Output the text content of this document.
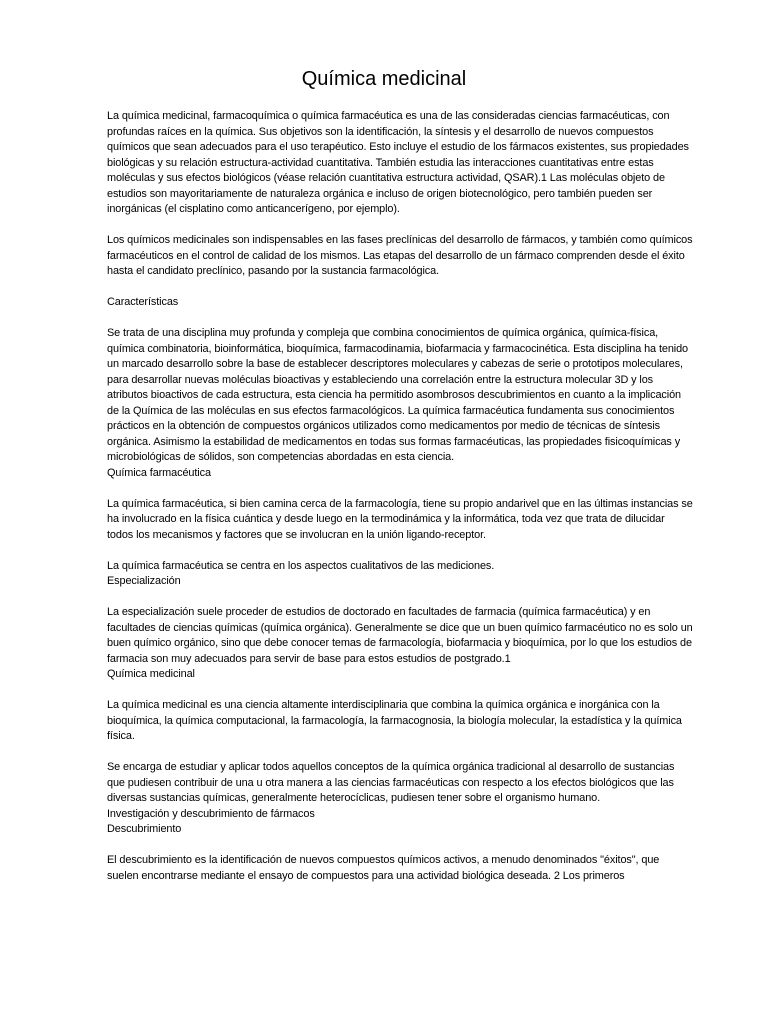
Química medicinal

La química medicinal, farmacoquímica o química farmacéutica es una de las consideradas ciencias farmacéuticas, con profundas raíces en la química. Sus objetivos son la identificación, la síntesis y el desarrollo de nuevos compuestos químicos que sean adecuados para el uso terapéutico. Esto incluye el estudio de los fármacos existentes, sus propiedades biológicas y su relación estructura-actividad cuantitativa. También estudia las interacciones cuantitativas entre estas moléculas y sus efectos biológicos (véase relación cuantitativa estructura actividad, QSAR).1 Las moléculas objeto de estudios son mayoritariamente de naturaleza orgánica e incluso de origen biotecnológico, pero también pueden ser inorgánicas (el cisplatino como anticancerígeno, por ejemplo).

Los químicos medicinales son indispensables en las fases preclínicas del desarrollo de fármacos, y también como químicos farmacéuticos en el control de calidad de los mismos. Las etapas del desarrollo de un fármaco comprenden desde el éxito hasta el candidato preclínico, pasando por la sustancia farmacológica.

Características

Se trata de una disciplina muy profunda y compleja que combina conocimientos de química orgánica, química-física, química combinatoria, bioinformática, bioquímica, farmacodinamia, biofarmacia y farmacocinética. Esta disciplina ha tenido un marcado desarrollo sobre la base de establecer descriptores moleculares y cabezas de serie o prototipos moleculares, para desarrollar nuevas moléculas bioactivas y estableciendo una correlación entre la estructura molecular 3D y los atributos bioactivos de cada estructura, esta ciencia ha permitido asombrosos descubrimientos en cuanto a la implicación de la Química de las moléculas en sus efectos farmacológicos. La química farmacéutica fundamenta sus conocimientos prácticos en la obtención de compuestos orgánicos utilizados como medicamentos por medio de técnicas de síntesis orgánica. Asimismo la estabilidad de medicamentos en todas sus formas farmacéuticas, las propiedades fisicoquímicas y microbiológicas de sólidos, son competencias abordadas en esta ciencia.

Química farmacéutica

La química farmacéutica, si bien camina cerca de la farmacología, tiene su propio andarivel que en las últimas instancias se ha involucrado en la física cuántica y desde luego en la termodinámica y la informática, toda vez que trata de dilucidar todos los mecanismos y factores que se involucran en la unión ligando-receptor.

La química farmacéutica se centra en los aspectos cualitativos de las mediciones.

Especialización

La especialización suele proceder de estudios de doctorado en facultades de farmacia (química farmacéutica) y en facultades de ciencias químicas (química orgánica). Generalmente se dice que un buen químico farmacéutico no es solo un buen químico orgánico, sino que debe conocer temas de farmacología, biofarmacia y bioquímica, por lo que los estudios de farmacia son muy adecuados para servir de base para estos estudios de postgrado.1

Química medicinal

La química medicinal es una ciencia altamente interdisciplinaria que combina la química orgánica e inorgánica con la bioquímica, la química computacional, la farmacología, la farmacognosia, la biología molecular, la estadística y la química física.

Se encarga de estudiar y aplicar todos aquellos conceptos de la química orgánica tradicional al desarrollo de sustancias que pudiesen contribuir de una u otra manera a las ciencias farmacéuticas con respecto a los efectos biológicos que las diversas sustancias químicas, generalmente heterocíclicas, pudiesen tener sobre el organismo humano.

Investigación y descubrimiento de fármacos

Descubrimiento

El descubrimiento es la identificación de nuevos compuestos químicos activos, a menudo denominados "éxitos", que suelen encontrarse mediante el ensayo de compuestos para una actividad biológica deseada. 2 Los primeros
